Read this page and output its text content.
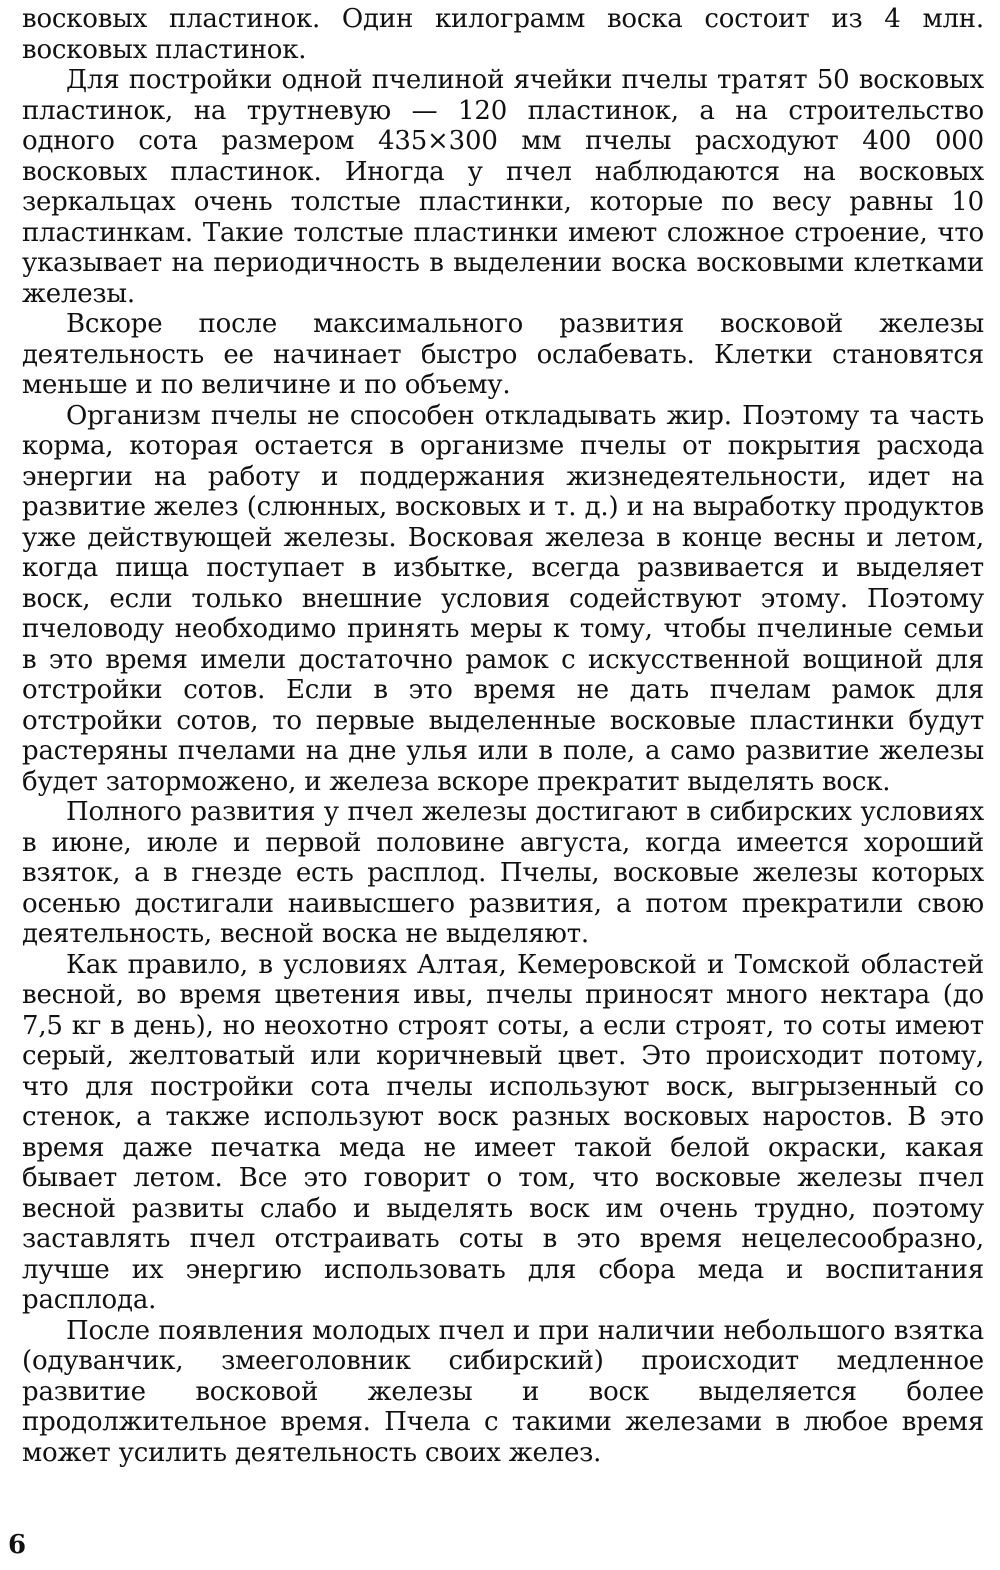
восковых пластинок. Один килограмм воска состоит из 4 млн. восковых пластинок.

Для постройки одной пчелиной ячейки пчелы тратят 50 восковых пластинок, на трутневую — 120 пластинок, а на строительство одного сота размером 435×300 мм пчелы расходуют 400 000 восковых пластинок. Иногда у пчел наблюдаются на восковых зеркальцах очень толстые пластинки, которые по весу равны 10 пластинкам. Такие толстые пластинки имеют сложное строение, что указывает на периодичность в выделении воска восковыми клетками железы.

Вскоре после максимального развития восковой железы деятельность ее начинает быстро ослабевать. Клетки становятся меньше и по величине и по объему.

Организм пчелы не способен откладывать жир. Поэтому та часть корма, которая остается в организме пчелы от покрытия расхода энергии на работу и поддержания жизнедеятельности, идет на развитие желез (слюнных, восковых и т. д.) и на выработку продуктов уже действующей железы. Восковая железа в конце весны и летом, когда пища поступает в избытке, всегда развивается и выделяет воск, если только внешние условия содействуют этому. Поэтому пчеловоду необходимо принять меры к тому, чтобы пчелиные семьи в это время имели достаточно рамок с искусственной вощиной для отстройки сотов. Если в это время не дать пчелам рамок для отстройки сотов, то первые выделенные восковые пластинки будут растеряны пчелами на дне улья или в поле, а само развитие железы будет заторможено, и железа вскоре прекратит выделять воск.

Полного развития у пчел железы достигают в сибирских условиях в июне, июле и первой половине августа, когда имеется хороший взяток, а в гнезде есть расплод. Пчелы, восковые железы которых осенью достигали наивысшего развития, а потом прекратили свою деятельность, весной воска не выделяют.

Как правило, в условиях Алтая, Кемеровской и Томской областей весной, во время цветения ивы, пчелы приносят много нектара (до 7,5 кг в день), но неохотно строят соты, а если строят, то соты имеют серый, желтоватый или коричневый цвет. Это происходит потому, что для постройки сота пчелы используют воск, выгрызенный со стенок, а также используют воск разных восковых наростов. В это время даже печатка меда не имеет такой белой окраски, какая бывает летом. Все это говорит о том, что восковые железы пчел весной развиты слабо и выделять воск им очень трудно, поэтому заставлять пчел отстраивать соты в это время нецелесообразно, лучше их энергию использовать для сбора меда и воспитания расплода.

После появления молодых пчел и при наличии небольшого взятка (одуванчик, змееголовник сибирский) происходит медленное развитие восковой железы и воск выделяется более продолжительное время. Пчела с такими железами в любое время может усилить деятельность своих желез.

6
